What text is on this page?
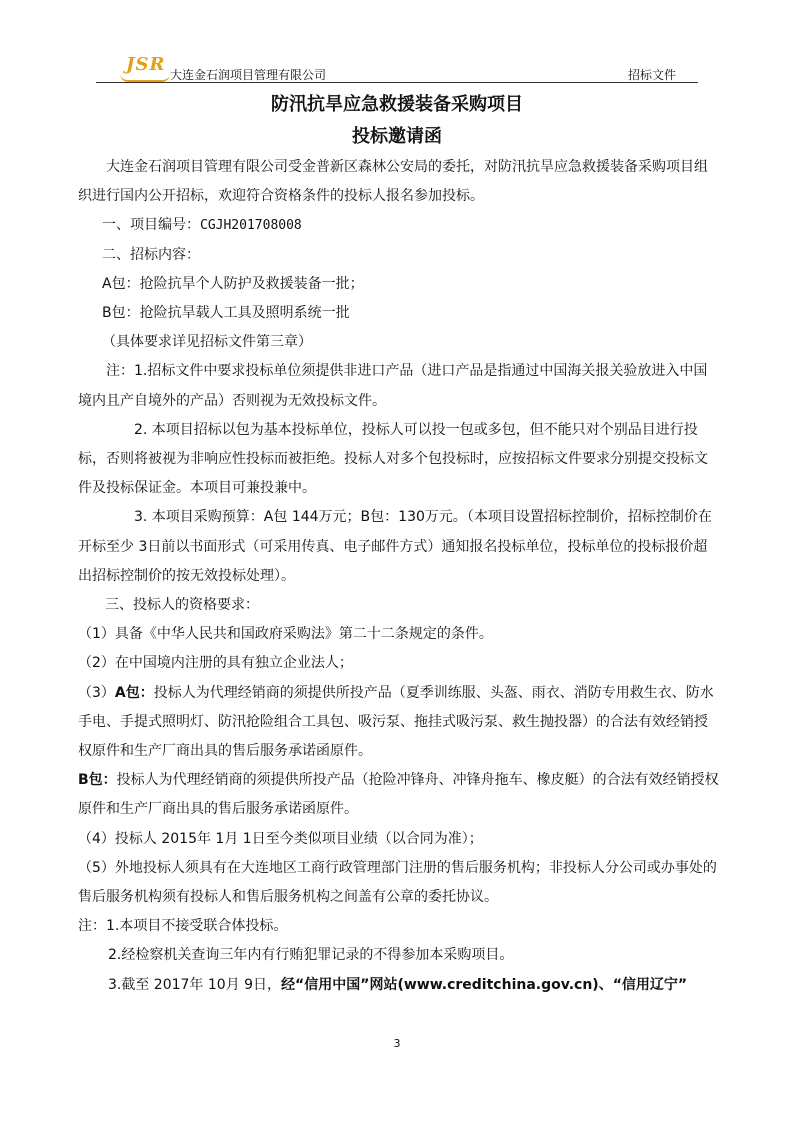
JSR 大连金石润项目管理有限公司	招标文件
防汛抗旱应急救援装备采购项目
投标邀请函

大连金石润项目管理有限公司受金普新区森林公安局的委托，对防汛抗旱应急救援装备采购项目组织进行国内公开招标，欢迎符合资格条件的投标人报名参加投标。

一、项目编号：CGJH201708008

二、招标内容：

A包：抢险抗旱个人防护及救援装备一批；

B包：抢险抗旱载人工具及照明系统一批

（具体要求详见招标文件第三章）

注：1.招标文件中要求投标单位须提供非进口产品（进口产品是指通过中国海关报关验放进入中国境内且产自境外的产品）否则视为无效投标文件。

2. 本项目招标以包为基本投标单位，投标人可以投一包或多包，但不能只对个别品目进行投标，否则将被视为非响应性投标而被拒绝。投标人对多个包投标时，应按招标文件要求分别提交投标文件及投标保证金。本项目可兼投兼中。

3. 本项目采购预算：A包 144万元；B包：130万元。（本项目设置招标控制价，招标控制价在开标至少 3日前以书面形式（可采用传真、电子邮件方式）通知报名投标单位，投标单位的投标报价超出招标控制价的按无效投标处理）。

三、投标人的资格要求：

（1）具备《中华人民共和国政府采购法》第二十二条规定的条件。

（2）在中国境内注册的具有独立企业法人；

（3）A包：投标人为代理经销商的须提供所投产品（夏季训练服、头盔、雨衣、消防专用救生衣、防水手电、手提式照明灯、防汛抢险组合工具包、吸污泵、拖挂式吸污泵、救生抛投器）的合法有效经销授权原件和生产厂商出具的售后服务承诺函原件。

B包：投标人为代理经销商的须提供所投产品（抢险冲锋舟、冲锋舟拖车、橡皮艇）的合法有效经销授权原件和生产厂商出具的售后服务承诺函原件。

（4）投标人 2015年 1月 1日至今类似项目业绩（以合同为准）；

（5）外地投标人须具有在大连地区工商行政管理部门注册的售后服务机构；非投标人分公司或办事处的售后服务机构须有投标人和售后服务机构之间盖有公章的委托协议。

注：1.本项目不接受联合体投标。

2.经检察机关查询三年内有行贿犯罪记录的不得参加本采购项目。

3.截至 2017年 10月 9日，经“信用中国”网站(www.creditchina.gov.cn)、“信用辽宁”

3
